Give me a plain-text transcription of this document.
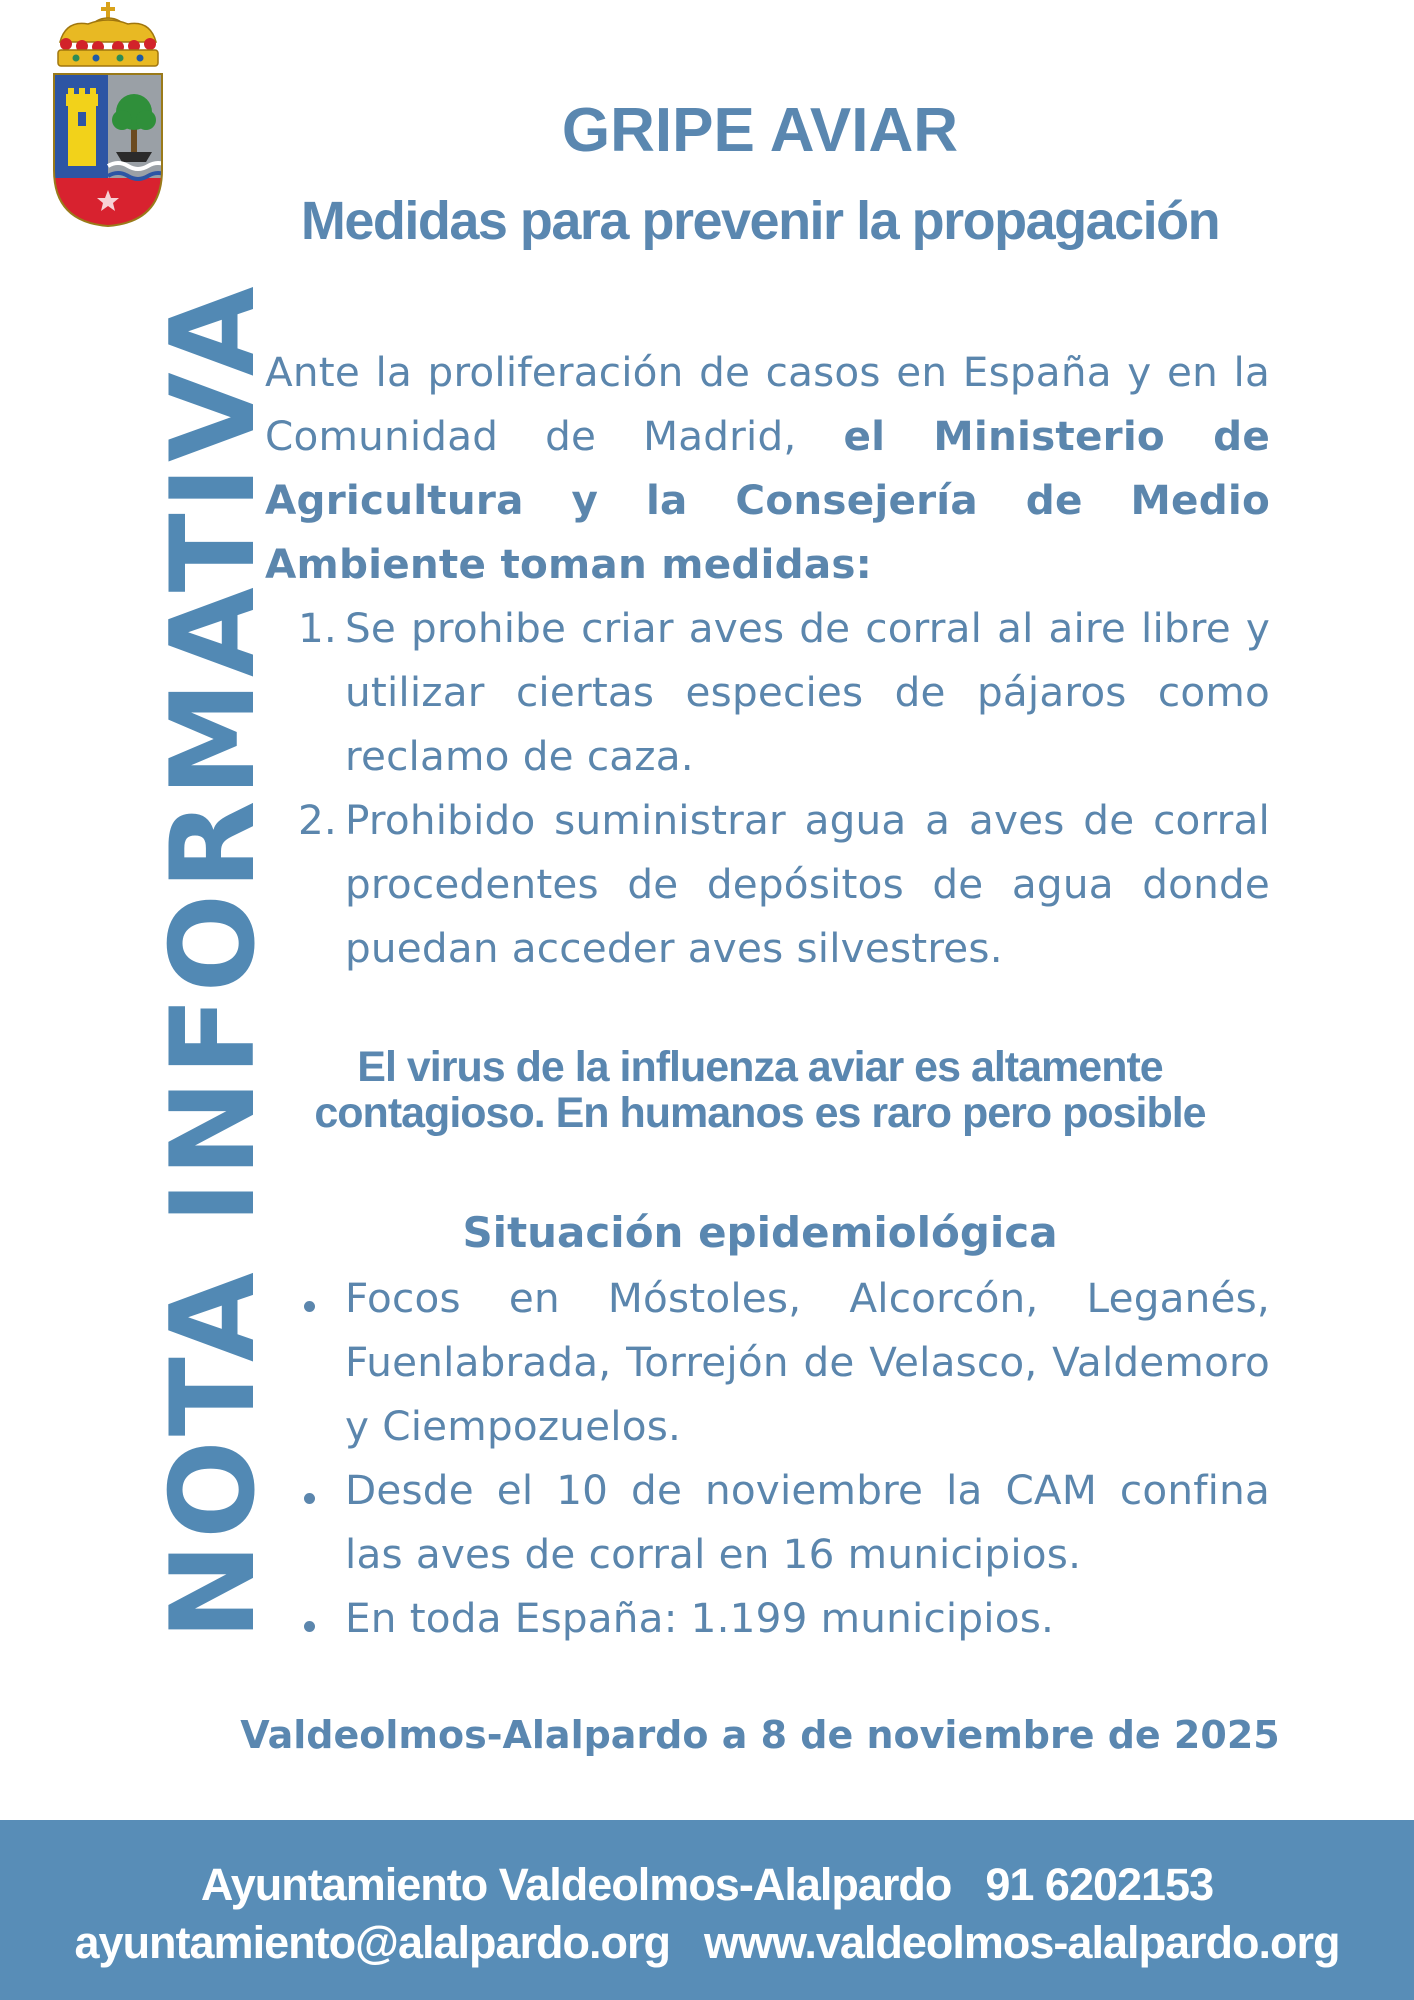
NOTA INFORMATIVA
GRIPE AVIAR
Medidas para prevenir la propagación
Ante la proliferación de casos en España y en la Comunidad de Madrid, el Ministerio de Agricultura y la Consejería de Medio Ambiente toman medidas:
1. Se prohibe criar aves de corral al aire libre y utilizar ciertas especies de pájaros como reclamo de caza.
2. Prohibido suministrar agua a aves de corral procedentes de depósitos de agua donde puedan acceder aves silvestres.
El virus de la influenza aviar es altamente
contagioso. En humanos es raro pero posible
Situación epidemiológica
Focos en Móstoles, Alcorcón, Leganés, Fuenlabrada, Torrejón de Velasco, Valdemoro y Ciempozuelos.
Desde el 10 de noviembre la CAM confina las aves de corral en 16 municipios.
En toda España: 1.199 municipios.
Valdeolmos-Alalpardo a 8 de noviembre de 2025
Ayuntamiento Valdeolmos-Alalpardo 91 6202153
ayuntamiento@alalpardo.org www.valdeolmos-alalpardo.org
